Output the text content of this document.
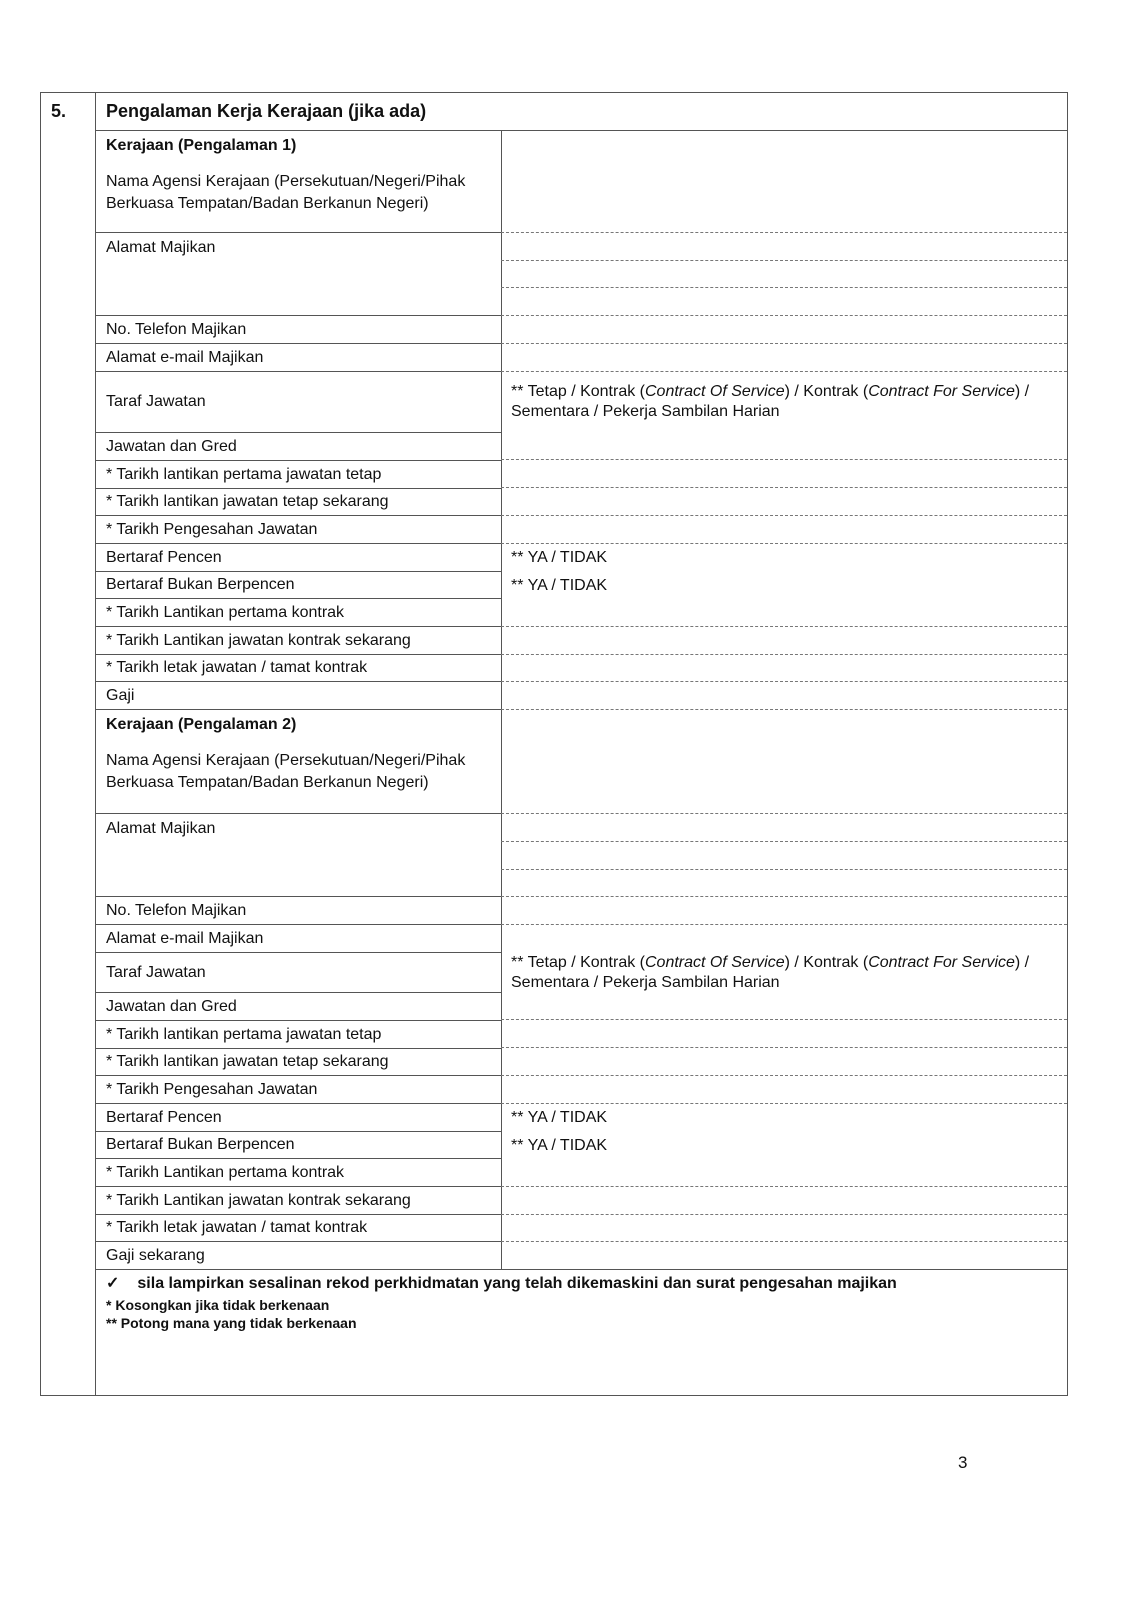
5. Pengalaman Kerja Kerajaan (jika ada)
Kerajaan (Pengalaman 1)
Nama Agensi Kerajaan (Persekutuan/Negeri/Pihak Berkuasa Tempatan/Badan Berkanun Negeri)
Alamat Majikan
No. Telefon Majikan
Alamat e-mail Majikan
Taraf Jawatan
Jawatan dan Gred
* Tarikh lantikan pertama jawatan tetap
* Tarikh lantikan jawatan tetap sekarang
* Tarikh Pengesahan Jawatan
Bertaraf Pencen
Bertaraf Bukan Berpencen
* Tarikh Lantikan pertama kontrak
* Tarikh Lantikan jawatan kontrak sekarang
* Tarikh letak jawatan / tamat kontrak
Gaji
** Tetap / Kontrak (Contract Of Service) / Kontrak (Contract For Service) / Sementara / Pekerja Sambilan Harian
** YA / TIDAK
** YA / TIDAK
Kerajaan (Pengalaman 2)
Nama Agensi Kerajaan (Persekutuan/Negeri/Pihak Berkuasa Tempatan/Badan Berkanun Negeri)
Alamat Majikan
No. Telefon Majikan
Alamat e-mail Majikan
Taraf Jawatan
Jawatan dan Gred
* Tarikh lantikan pertama jawatan tetap
* Tarikh lantikan jawatan tetap sekarang
* Tarikh Pengesahan Jawatan
Bertaraf Pencen
Bertaraf Bukan Berpencen
* Tarikh Lantikan pertama kontrak
* Tarikh Lantikan jawatan kontrak sekarang
* Tarikh letak jawatan / tamat kontrak
Gaji sekarang
** Tetap / Kontrak (Contract Of Service) / Kontrak (Contract For Service) / Sementara / Pekerja Sambilan Harian
** YA / TIDAK
** YA / TIDAK
✓ sila lampirkan sesalinan rekod perkhidmatan yang telah dikemaskini dan surat pengesahan majikan
* Kosongkan jika tidak berkenaan
** Potong mana yang tidak berkenaan
3
